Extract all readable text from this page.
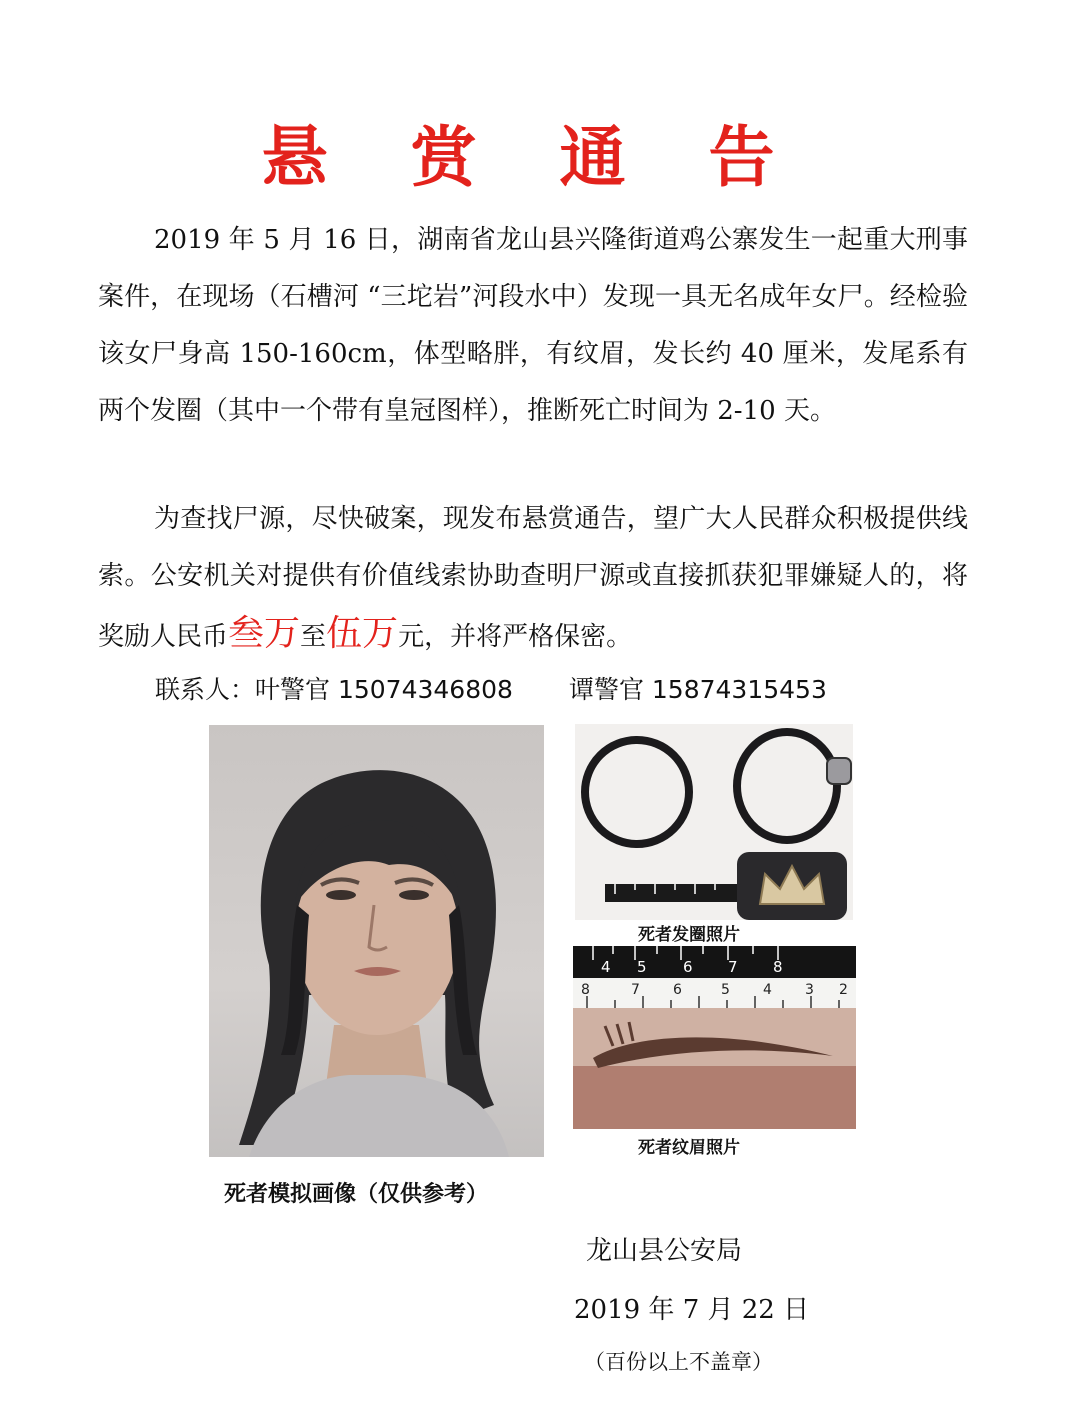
悬 赏 通 告
2019 年 5 月 16 日，湖南省龙山县兴隆街道鸡公寨发生一起重大刑事案件，在现场（石槽河 “三坨岩”河段水中）发现一具无名成年女尸。经检验该女尸身高 150-160cm，体型略胖，有纹眉，发长约 40 厘米，发尾系有两个发圈（其中一个带有皇冠图样），推断死亡时间为 2-10 天。
为查找尸源，尽快破案，现发布悬赏通告，望广大人民群众积极提供线索。公安机关对提供有价值线索协助查明尸源或直接抓获犯罪嫌疑人的，将奖励人民币叁万至伍万元，并将严格保密。
联系人：叶警官 15074346808 谭警官 15874315453
死者模拟画像（仅供参考）
死者发圈照片
4 5 6 7 8
8	7 6	5 4 3 2
死者纹眉照片
龙山县公安局
2019 年 7 月 22 日
（百份以上不盖章）
